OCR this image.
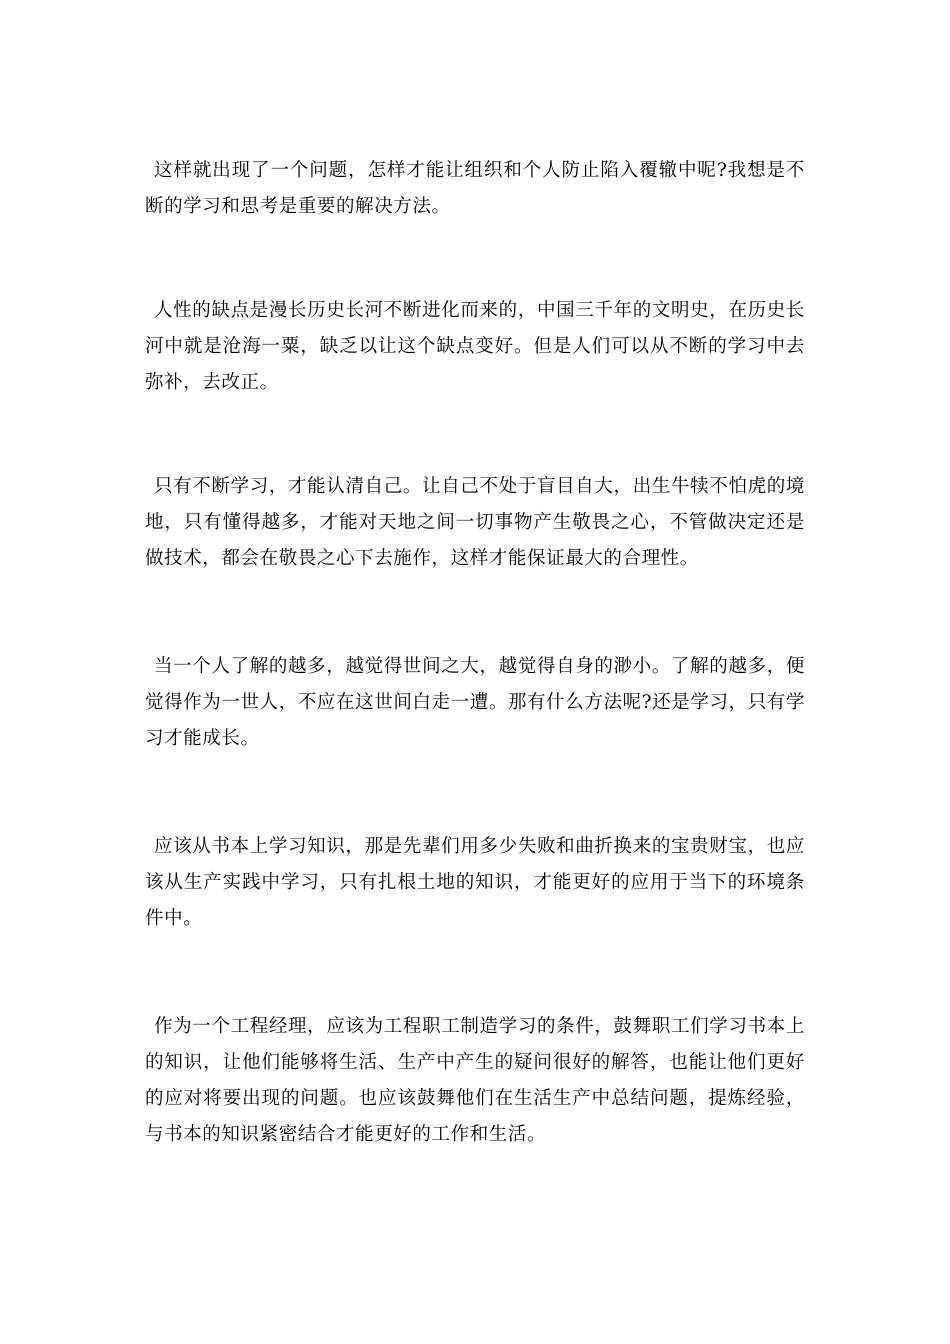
这样就出现了一个问题，怎样才能让组织和个人防止陷入覆辙中呢?我想是不断的学习和思考是重要的解决方法。

人性的缺点是漫长历史长河不断进化而来的，中国三千年的文明史，在历史长河中就是沧海一粟，缺乏以让这个缺点变好。但是人们可以从不断的学习中去弥补，去改正。

只有不断学习，才能认清自己。让自己不处于盲目自大，出生牛犊不怕虎的境地，只有懂得越多，才能对天地之间一切事物产生敬畏之心，不管做决定还是做技术，都会在敬畏之心下去施作，这样才能保证最大的合理性。

当一个人了解的越多，越觉得世间之大，越觉得自身的渺小。了解的越多，便觉得作为一世人，不应在这世间白走一遭。那有什么方法呢?还是学习，只有学习才能成长。

应该从书本上学习知识，那是先辈们用多少失败和曲折换来的宝贵财宝，也应该从生产实践中学习，只有扎根土地的知识，才能更好的应用于当下的环境条件中。

作为一个工程经理，应该为工程职工制造学习的条件，鼓舞职工们学习书本上的知识，让他们能够将生活、生产中产生的疑问很好的解答，也能让他们更好的应对将要出现的问题。也应该鼓舞他们在生活生产中总结问题，提炼经验，与书本的知识紧密结合才能更好的工作和生活。
